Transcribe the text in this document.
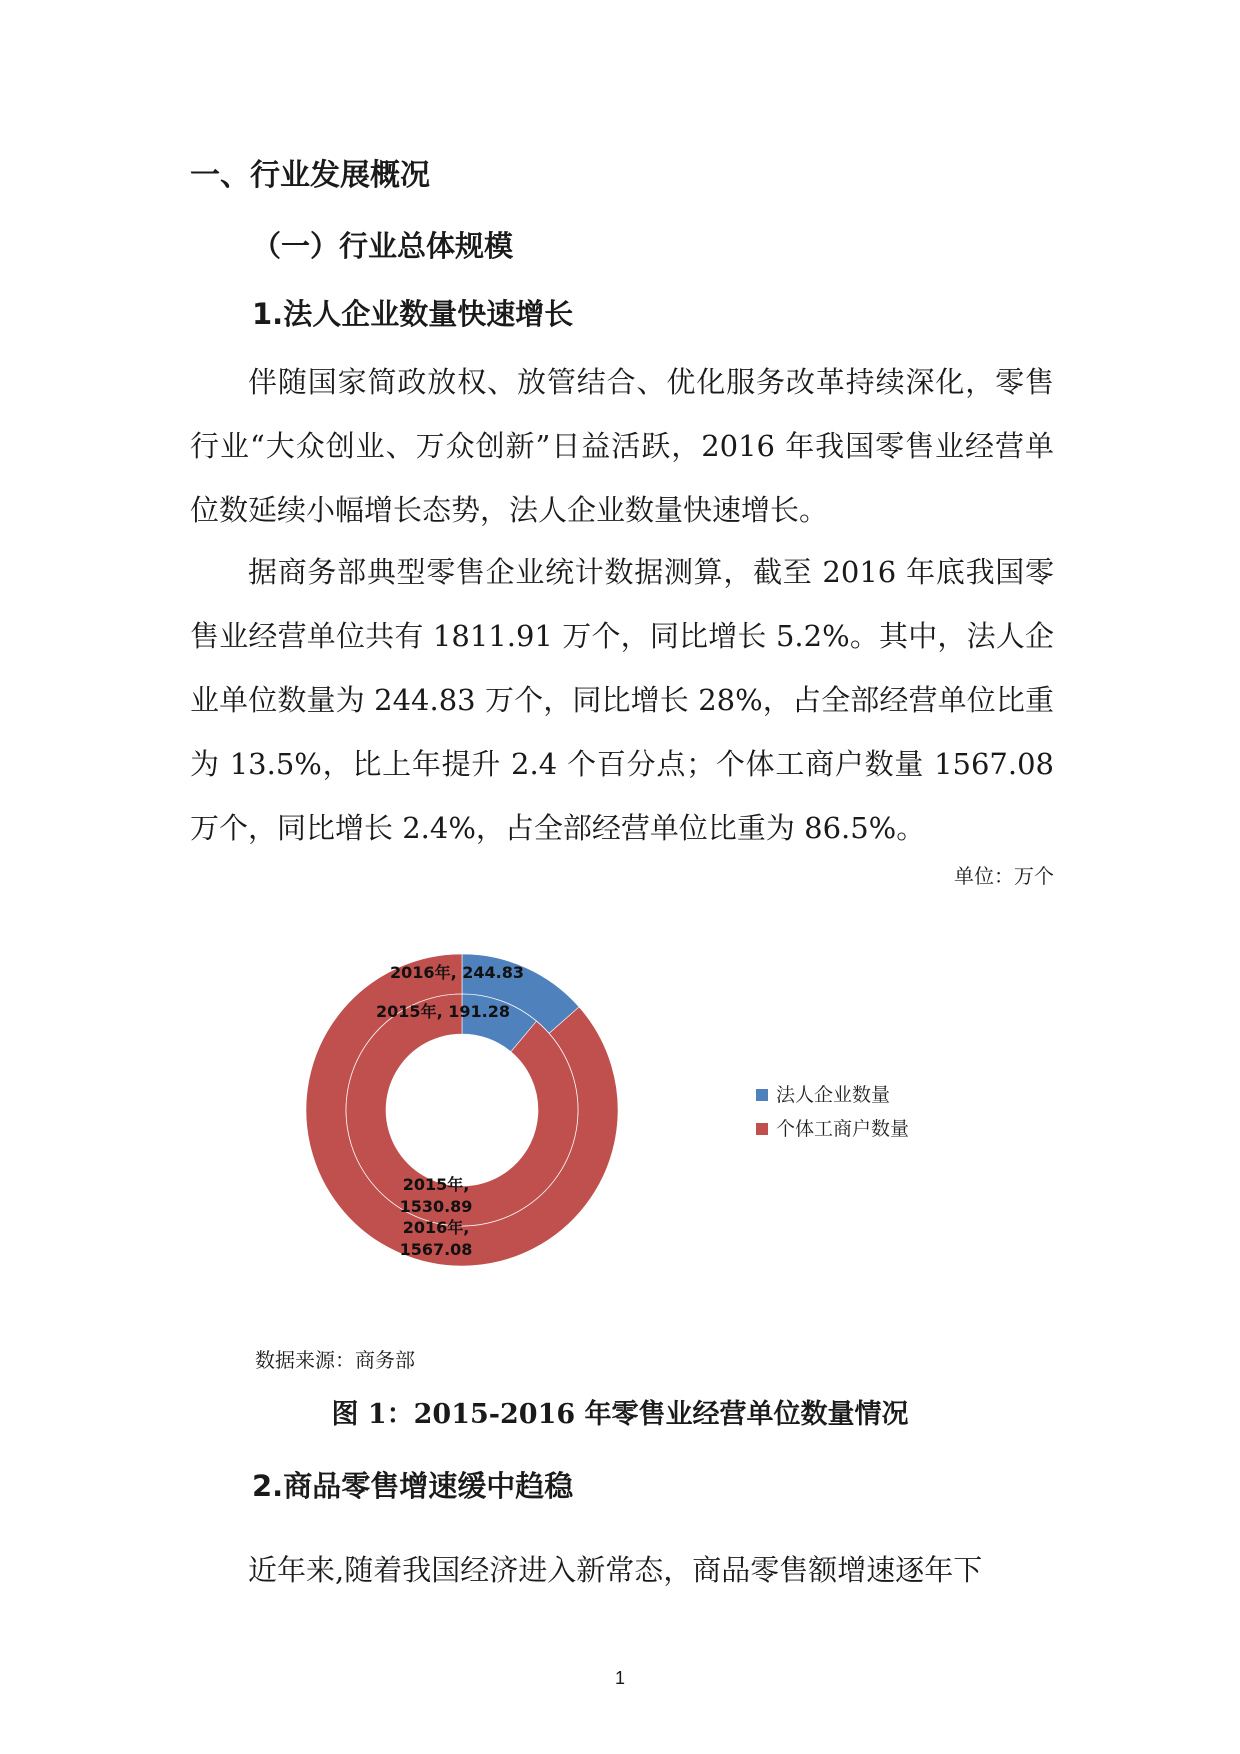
一、行业发展概况
（一）行业总体规模
1.法人企业数量快速增长

伴随国家简政放权、放管结合、优化服务改革持续深化，零售行业“大众创业、万众创新”日益活跃，2016 年我国零售业经营单位数延续小幅增长态势，法人企业数量快速增长。

据商务部典型零售企业统计数据测算，截至 2016 年底我国零售业经营单位共有 1811.91 万个，同比增长 5.2%。其中，法人企业单位数量为 244.83 万个，同比增长 28%，占全部经营单位比重为 13.5%，比上年提升 2.4 个百分点；个体工商户数量 1567.08 万个，同比增长 2.4%，占全部经营单位比重为 86.5%。

单位：万个
2016年, 244.83
2015年, 191.28
2015年,
1530.89
2016年,
1567.08
法人企业数量
个体工商户数量
数据来源：商务部
图 1：2015-2016 年零售业经营单位数量情况
2.商品零售增速缓中趋稳

近年来,随着我国经济进入新常态，商品零售额增速逐年下

1
